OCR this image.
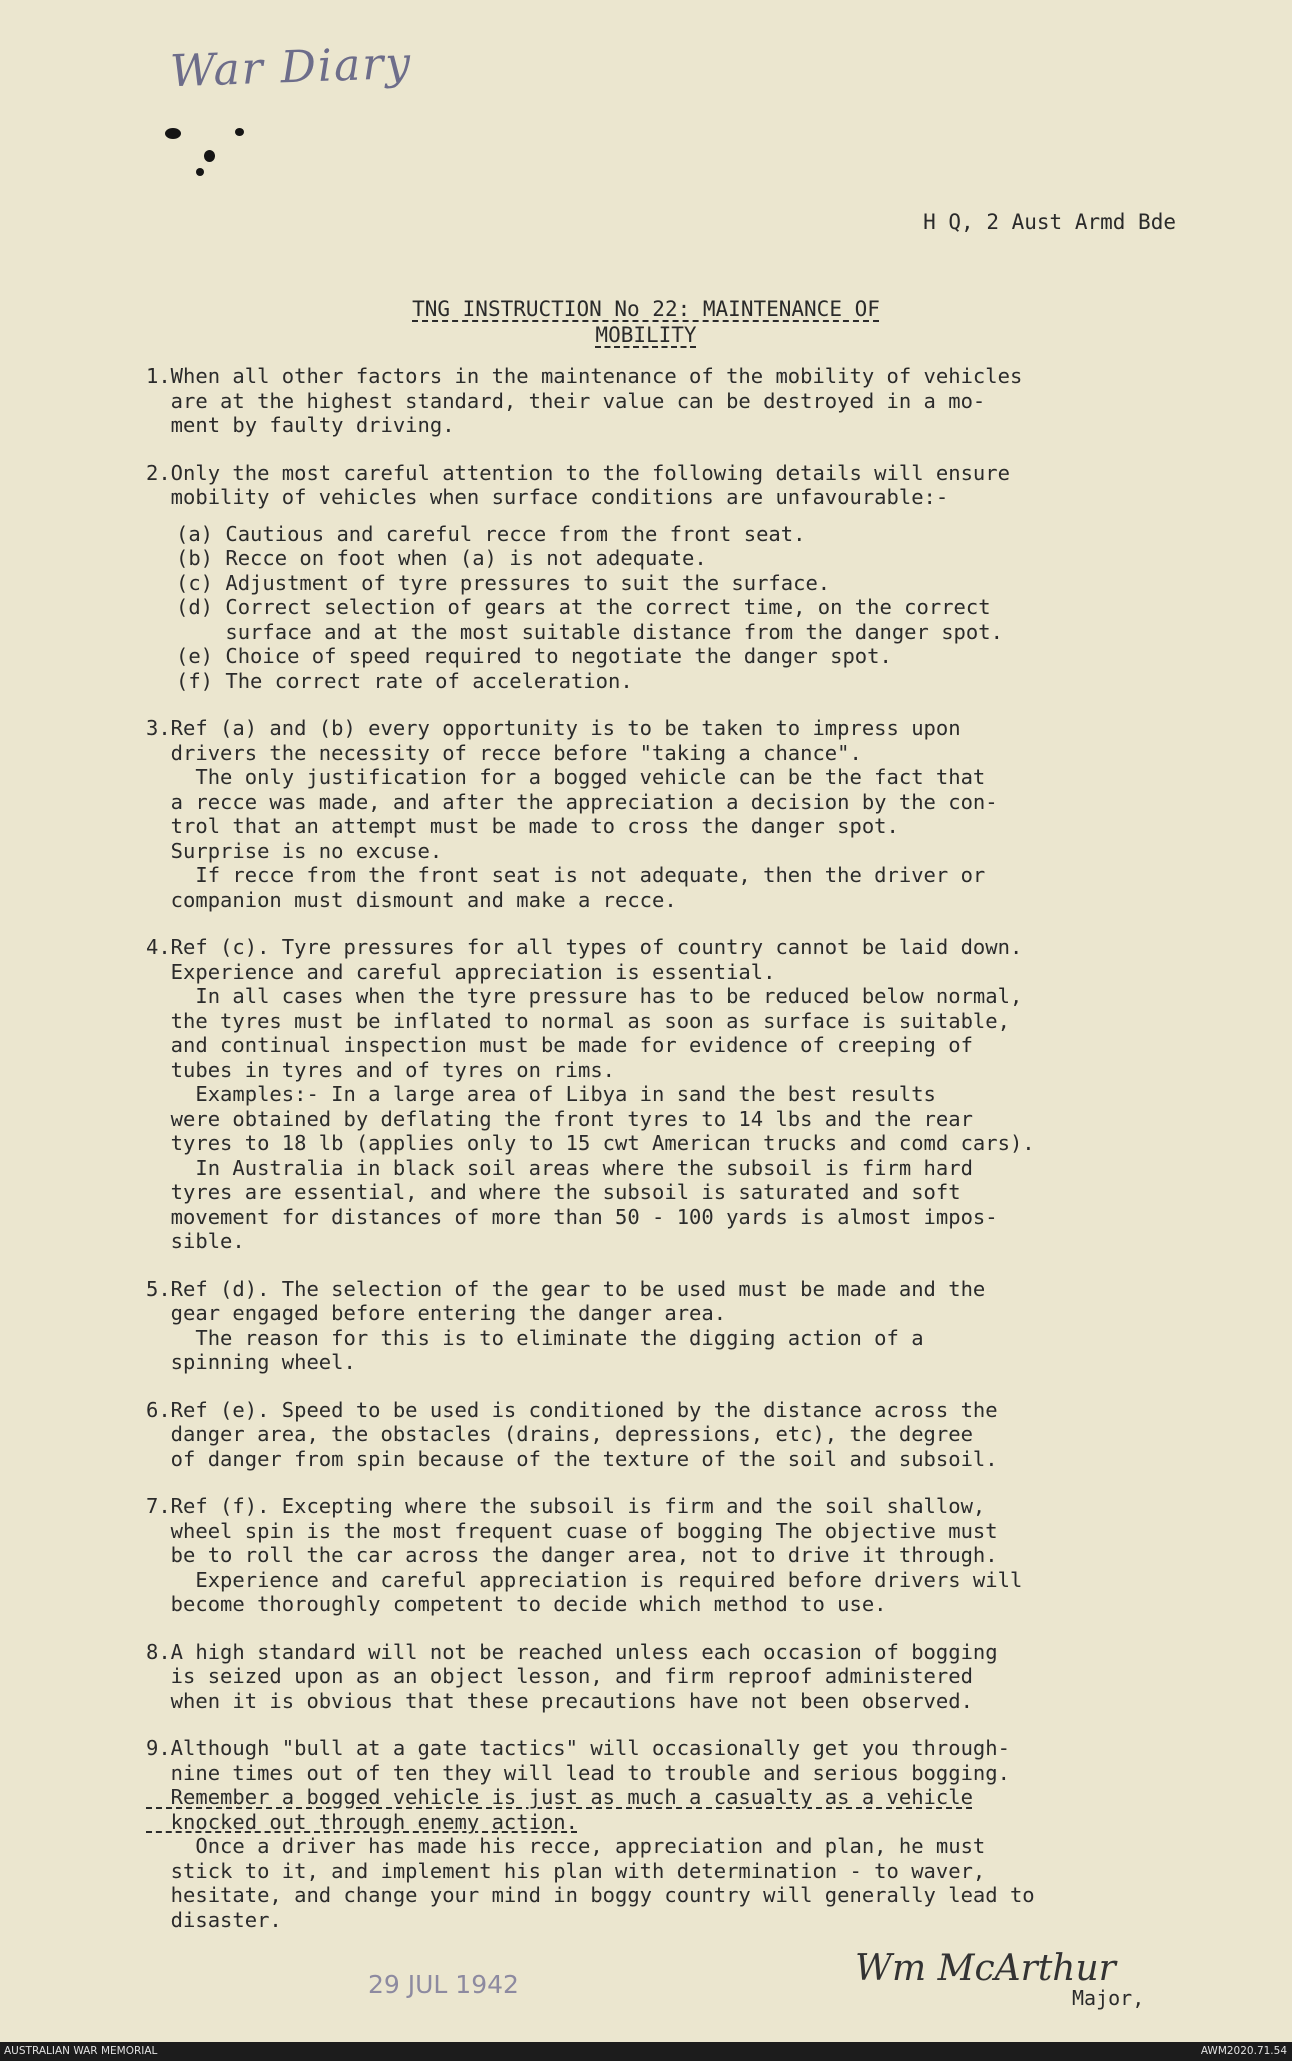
War Diary
H Q, 2 Aust Armd Bde
TNG INSTRUCTION No 22: MAINTENANCE OF
MOBILITY
1.When all other factors in the maintenance of the mobility of vehicles
are at the highest standard, their value can be destroyed in a mo-
ment by faulty driving.
2.Only the most careful attention to the following details will ensure
mobility of vehicles when surface conditions are unfavourable:-
(a) Cautious and careful recce from the front seat.
(b) Recce on foot when (a) is not adequate.
(c) Adjustment of tyre pressures to suit the surface.
(d) Correct selection of gears at the correct time, on the correct
surface and at the most suitable distance from the danger spot.
(e) Choice of speed required to negotiate the danger spot.
(f) The correct rate of acceleration.
3.Ref (a) and (b) every opportunity is to be taken to impress upon
drivers the necessity of recce before "taking a chance".
The only justification for a bogged vehicle can be the fact that
a recce was made, and after the appreciation a decision by the con-
trol that an attempt must be made to cross the danger spot.
Surprise is no excuse.
If recce from the front seat is not adequate, then the driver or
companion must dismount and make a recce.
4.Ref (c). Tyre pressures for all types of country cannot be laid down.
Experience and careful appreciation is essential.
In all cases when the tyre pressure has to be reduced below normal,
the tyres must be inflated to normal as soon as surface is suitable,
and continual inspection must be made for evidence of creeping of
tubes in tyres and of tyres on rims.
Examples:- In a large area of Libya in sand the best results
were obtained by deflating the front tyres to 14 lbs and the rear
tyres to 18 lb (applies only to 15 cwt American trucks and comd cars).
In Australia in black soil areas where the subsoil is firm hard
tyres are essential, and where the subsoil is saturated and soft
movement for distances of more than 50 - 100 yards is almost impos-
sible.
5.Ref (d). The selection of the gear to be used must be made and the
gear engaged before entering the danger area.
The reason for this is to eliminate the digging action of a
spinning wheel.
6.Ref (e). Speed to be used is conditioned by the distance across the
danger area, the obstacles (drains, depressions, etc), the degree
of danger from spin because of the texture of the soil and subsoil.
7.Ref (f). Excepting where the subsoil is firm and the soil shallow,
wheel spin is the most frequent cuase of bogging The objective must
be to roll the car across the danger area, not to drive it through.
Experience and careful appreciation is required before drivers will
become thoroughly competent to decide which method to use.
8.A high standard will not be reached unless each occasion of bogging
is seized upon as an object lesson, and firm reproof administered
when it is obvious that these precautions have not been observed.
9.Although "bull at a gate tactics" will occasionally get you through-
nine times out of ten they will lead to trouble and serious bogging.
Remember a bogged vehicle is just as much a casualty as a vehicle
knocked out through enemy action.
Once a driver has made his recce, appreciation and plan, he must
stick to it, and implement his plan with determination - to waver,
hesitate, and change your mind in boggy country will generally lead to
disaster.
29 JUL 1942	Wm McArthur
Major,
AUSTRALIAN WAR MEMORIAL	AWM2020.71.54
